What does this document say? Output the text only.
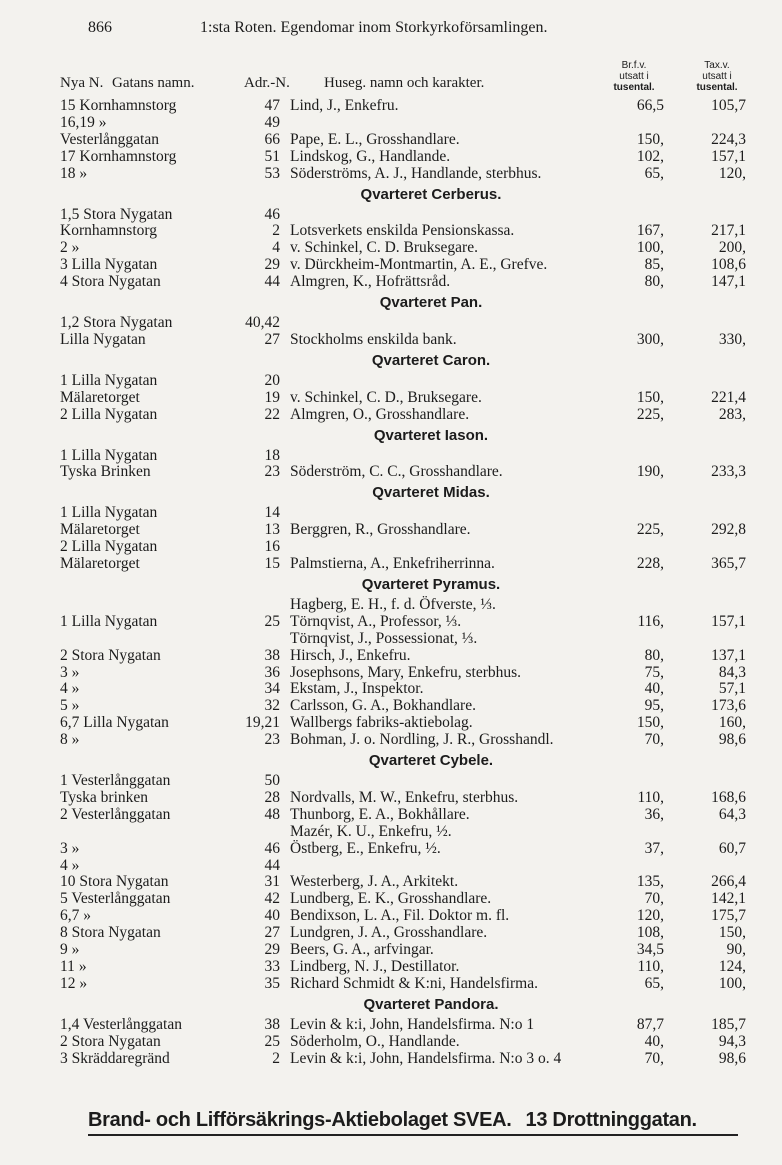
866	1:sta Roten. Egendomar inom Storkyrkoförsamlingen.
Br.f.v.
utsatt i
tusental.
Tax.v.
utsatt i
tusental.
Nya N. Gatans namn.	Adr.-N. Huseg. namn och karakter.
15 Kornhamnstorg	47 Lind, J., Enkefru.	66,5	105,7
16,19 »	49
Vesterlånggatan	66 Pape, E. L., Grosshandlare.	150,	224,3
17 Kornhamnstorg	51 Lindskog, G., Handlande.	102,	157,1
18 »	53 Söderströms, A. J., Handlande, sterbhus.	65,	120,
Qvarteret Cerberus.
1,5 Stora Nygatan	46
Kornhamnstorg	2 Lotsverkets enskilda Pensionskassa.	167,	217,1
2 »	4 v. Schinkel, C. D. Bruksegare.	100,	200,
3 Lilla Nygatan	29 v. Dürckheim-Montmartin, A. E., Grefve.	85,	108,6
4 Stora Nygatan	44 Almgren, K., Hofrättsråd.	80,	147,1
Qvarteret Pan.
1,2 Stora Nygatan	40,42
Lilla Nygatan	27 Stockholms enskilda bank.	300,	330,
Qvarteret Caron.
1 Lilla Nygatan	20
Mälaretorget	19 v. Schinkel, C. D., Bruksegare.	150,	221,4
2 Lilla Nygatan	22 Almgren, O., Grosshandlare.	225,	283,
Qvarteret Iason.
1 Lilla Nygatan	18
Tyska Brinken	23 Söderström, C. C., Grosshandlare.	190,	233,3
Qvarteret Midas.
1 Lilla Nygatan	14
Mälaretorget	13 Berggren, R., Grosshandlare.	225,	292,8
2 Lilla Nygatan	16
Mälaretorget	15 Palmstierna, A., Enkefriherrinna.	228,	365,7
Qvarteret Pyramus.
Hagberg, E. H., f. d. Öfverste, ⅓.
1 Lilla Nygatan	25 Törnqvist, A., Professor, ⅓.	116,	157,1
Törnqvist, J., Possessionat, ⅓.
2 Stora Nygatan	38 Hirsch, J., Enkefru.	80,	137,1
3 »	36 Josephsons, Mary, Enkefru, sterbhus.	75,	84,3
4 »	34 Ekstam, J., Inspektor.	40,	57,1
5 »	32 Carlsson, G. A., Bokhandlare.	95,	173,6
6,7 Lilla Nygatan	19,21 Wallbergs fabriks-aktiebolag.	150,	160,
8 »	23 Bohman, J. o. Nordling, J. R., Grosshandl.	70,	98,6
Qvarteret Cybele.
1 Vesterlånggatan	50
Tyska brinken	28 Nordvalls, M. W., Enkefru, sterbhus.	110,	168,6
2 Vesterlånggatan	48 Thunborg, E. A., Bokhållare.	36,	64,3
Mazér, K. U., Enkefru, ½.
3 »	46 Östberg, E., Enkefru, ½.	37,	60,7
4 »	44
10 Stora Nygatan	31 Westerberg, J. A., Arkitekt.	135,	266,4
5 Vesterlånggatan	42 Lundberg, E. K., Grosshandlare.	70,	142,1
6,7 »	40 Bendixson, L. A., Fil. Doktor m. fl.	120,	175,7
8 Stora Nygatan	27 Lundgren, J. A., Grosshandlare.	108,	150,
9 »	29 Beers, G. A., arfvingar.	34,5	90,
11 »	33 Lindberg, N. J., Destillator.	110,	124,
12 »	35 Richard Schmidt & K:ni, Handelsfirma.	65,	100,
Qvarteret Pandora.
1,4 Vesterlånggatan	38 Levin & k:i, John, Handelsfirma. N:o 1	87,7	185,7
2 Stora Nygatan	25 Söderholm, O., Handlande.	40,	94,3
3 Skräddaregränd	2 Levin & k:i, John, Handelsfirma. N:o 3 o. 4	70,	98,6
Brand- och Lifförsäkrings-Aktiebolaget SVEA. 13 Drottninggatan.
